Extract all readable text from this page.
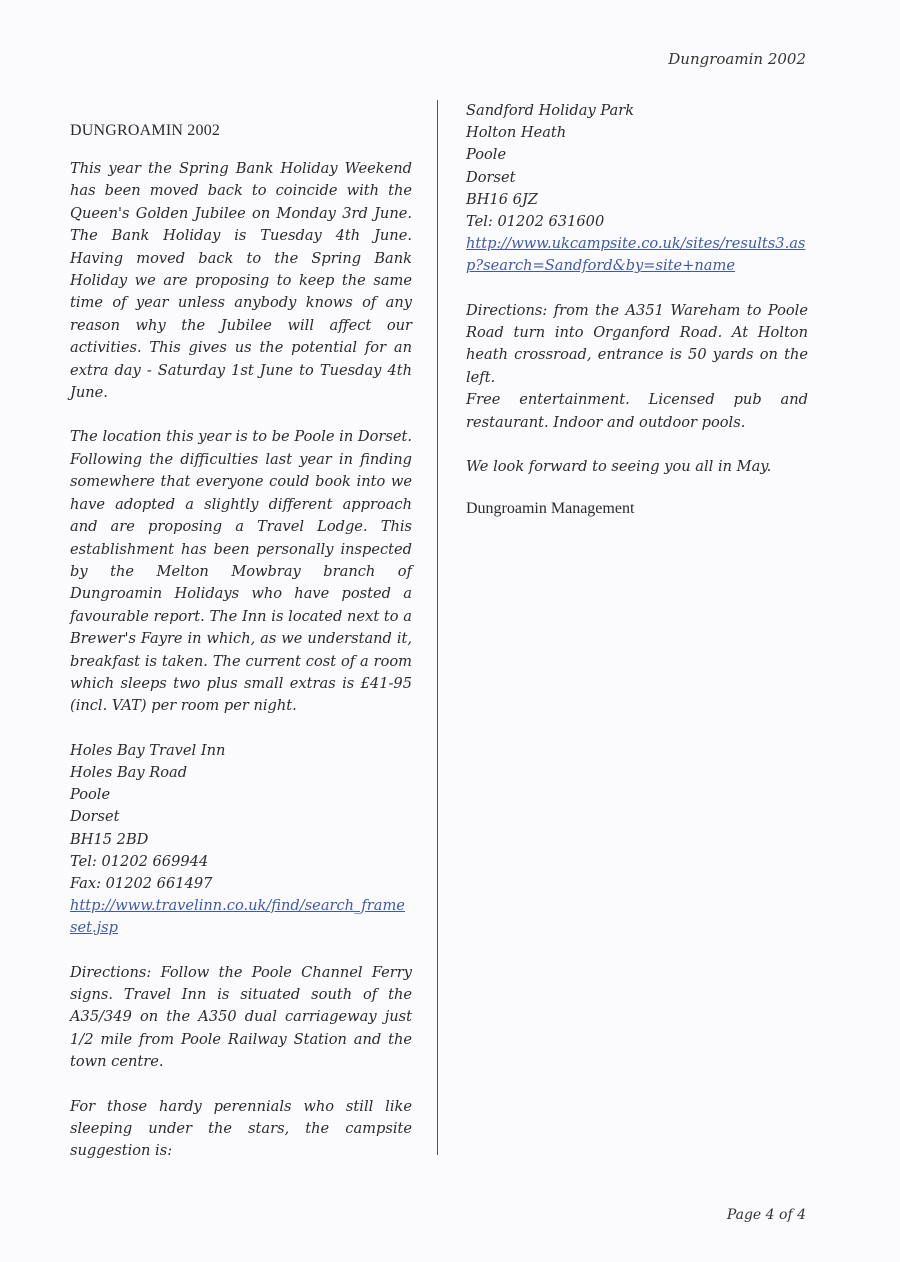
Dungroamin 2002
DUNGROAMIN 2002

This year the Spring Bank Holiday Weekend has been moved back to coincide with the Queen's Golden Jubilee on Monday 3rd June. The Bank Holiday is Tuesday 4th June. Having moved back to the Spring Bank Holiday we are proposing to keep the same time of year unless anybody knows of any reason why the Jubilee will affect our activities. This gives us the potential for an extra day - Saturday 1st June to Tuesday 4th June.

The location this year is to be Poole in Dorset. Following the difficulties last year in finding somewhere that everyone could book into we have adopted a slightly different approach and are proposing a Travel Lodge. This establishment has been personally inspected by the Melton Mowbray branch of Dungroamin Holidays who have posted a favourable report. The Inn is located next to a Brewer's Fayre in which, as we understand it, breakfast is taken. The current cost of a room which sleeps two plus small extras is £41-95 (incl. VAT) per room per night.

Holes Bay Travel Inn
Holes Bay Road
Poole
Dorset
BH15 2BD
Tel: 01202 669944
Fax: 01202 661497
http://www.travelinn.co.uk/find/search_frameset.jsp

Directions: Follow the Poole Channel Ferry signs. Travel Inn is situated south of the A35/349 on the A350 dual carriageway just 1/2 mile from Poole Railway Station and the town centre.

For those hardy perennials who still like sleeping under the stars, the campsite suggestion is:

Sandford Holiday Park
Holton Heath
Poole
Dorset
BH16 6JZ
Tel: 01202 631600
http://www.ukcampsite.co.uk/sites/results3.asp?search=Sandford&by=site+name

Directions: from the A351 Wareham to Poole Road turn into Organford Road. At Holton heath crossroad, entrance is 50 yards on the left.

Free entertainment. Licensed pub and restaurant. Indoor and outdoor pools.

We look forward to seeing you all in May.

Dungroamin Management
Page 4 of 4
